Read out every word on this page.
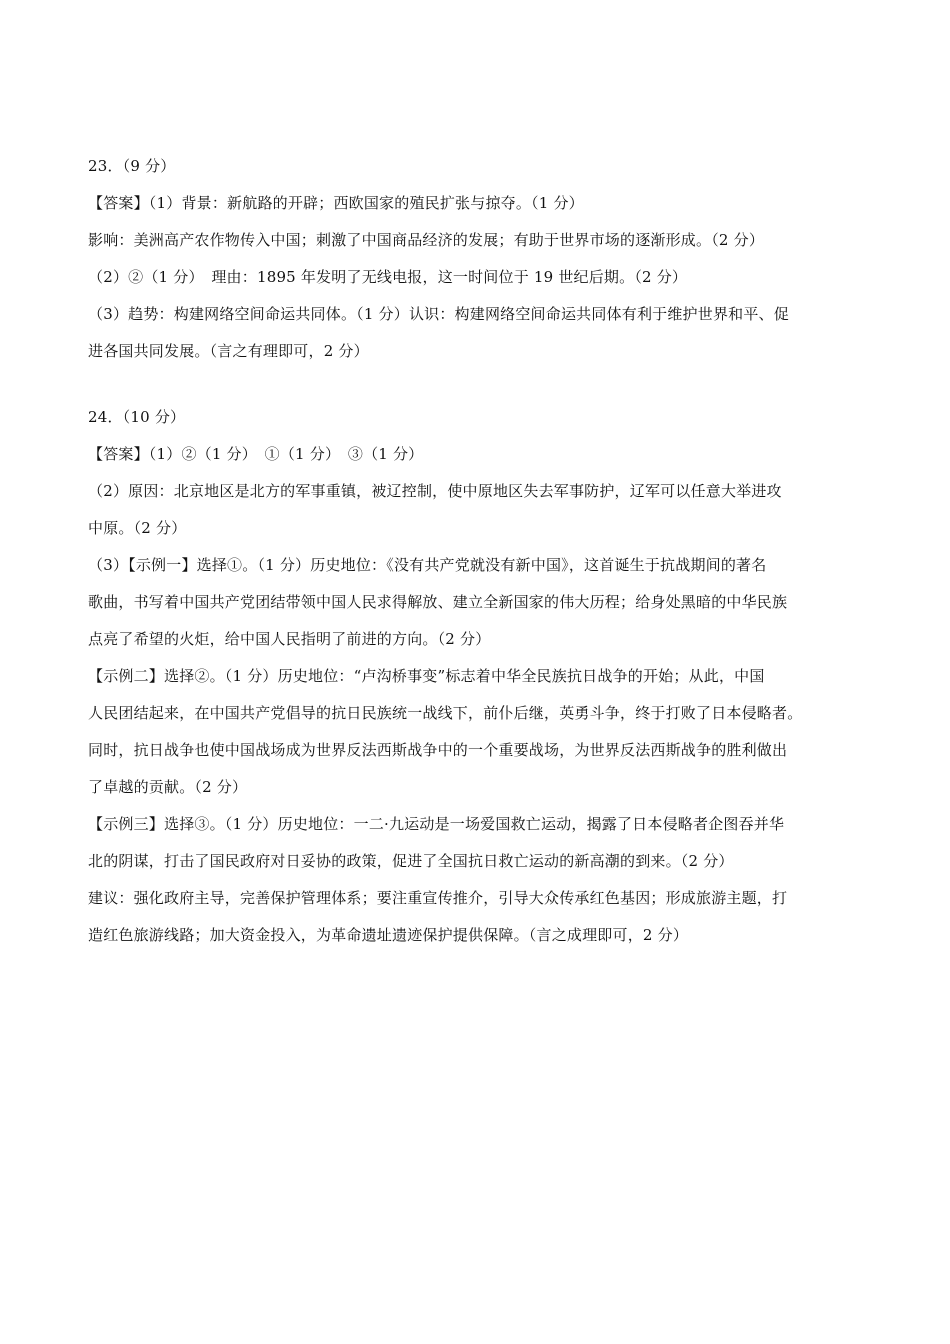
23．（9 分）
【答案】（1）背景：新航路的开辟；西欧国家的殖民扩张与掠夺。（1 分）
影响：美洲高产农作物传入中国；刺激了中国商品经济的发展；有助于世界市场的逐渐形成。（2 分）
（2）②（1 分）　理由：1895 年发明了无线电报，这一时间位于 19 世纪后期。（2 分）
（3）趋势：构建网络空间命运共同体。（1 分）认识：构建网络空间命运共同体有利于维护世界和平、促
进各国共同发展。（言之有理即可，2 分）
24．（10 分）
【答案】（1）②（1 分）　①（1 分）　③（1 分）
（2）原因：北京地区是北方的军事重镇，被辽控制，使中原地区失去军事防护，辽军可以任意大举进攻
中原。（2 分）
（3）【示例一】选择①。（1 分）历史地位：《没有共产党就没有新中国》，这首诞生于抗战期间的著名
歌曲，书写着中国共产党团结带领中国人民求得解放、建立全新国家的伟大历程；给身处黑暗的中华民族
点亮了希望的火炬，给中国人民指明了前进的方向。（2 分）
【示例二】选择②。（1 分）历史地位：“卢沟桥事变”标志着中华全民族抗日战争的开始；从此，中国
人民团结起来，在中国共产党倡导的抗日民族统一战线下，前仆后继，英勇斗争，终于打败了日本侵略者。
同时，抗日战争也使中国战场成为世界反法西斯战争中的一个重要战场，为世界反法西斯战争的胜利做出
了卓越的贡献。（2 分）
【示例三】选择③。（1 分）历史地位：一二·九运动是一场爱国救亡运动，揭露了日本侵略者企图吞并华
北的阴谋，打击了国民政府对日妥协的政策，促进了全国抗日救亡运动的新高潮的到来。（2 分）
建议：强化政府主导，完善保护管理体系；要注重宣传推介，引导大众传承红色基因；形成旅游主题，打
造红色旅游线路；加大资金投入，为革命遗址遗迹保护提供保障。（言之成理即可，2 分）
